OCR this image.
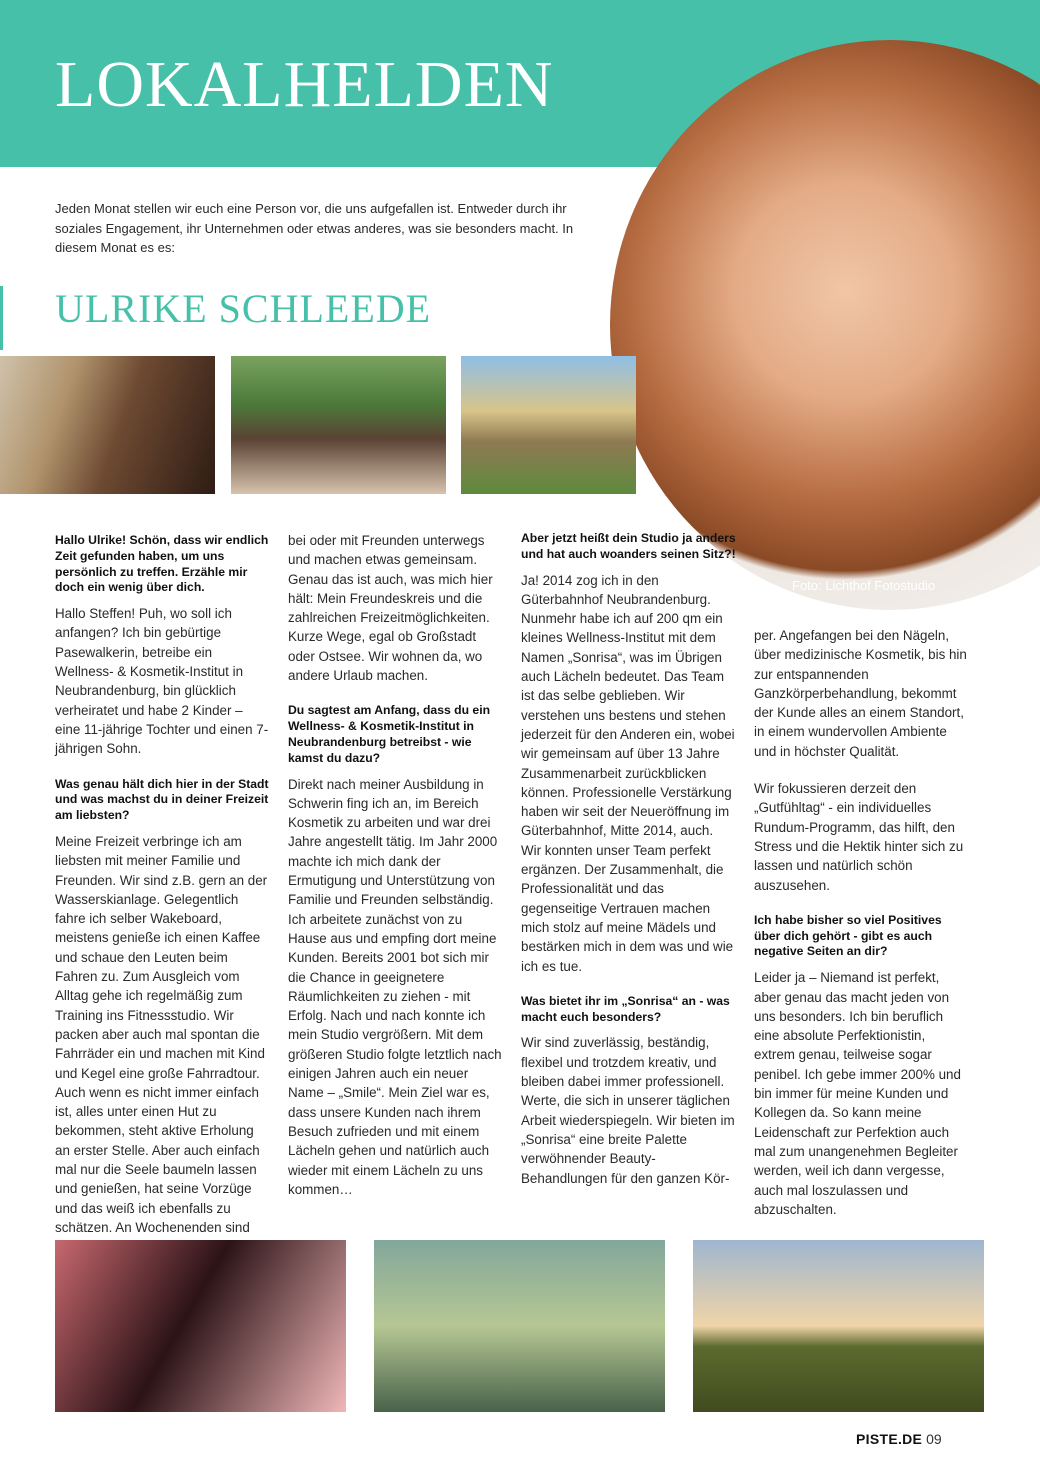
LOKALHELDEN
Foto: Lichthof Fotostudio

Jeden Monat stellen wir euch eine Person vor, die uns aufgefallen ist. Entweder durch ihr soziales Engagement, ihr Unternehmen oder etwas anderes, was sie besonders macht. In diesem Monat es es:

ULRIKE SCHLEEDE

Hallo Ulrike! Schön, dass wir endlich Zeit gefunden haben, um uns persönlich zu treffen. Erzähle mir doch ein wenig über dich.

Hallo Steffen! Puh, wo soll ich anfangen? Ich bin gebürtige Pasewalkerin, betreibe ein Wellness- & Kosmetik-Institut in Neubrandenburg, bin glücklich verheiratet und habe 2 Kinder – eine 11-jährige Tochter und einen 7-jährigen Sohn.

Was genau hält dich hier in der Stadt und was machst du in deiner Freizeit am liebsten?

Meine Freizeit verbringe ich am liebsten mit meiner Familie und Freunden. Wir sind z.B. gern an der Wasserskianlage. Gelegentlich fahre ich selber Wakeboard, meistens genieße ich einen Kaffee und schaue den Leuten beim Fahren zu. Zum Ausgleich vom Alltag gehe ich regelmäßig zum Training ins Fitnessstudio. Wir packen aber auch mal spontan die Fahrräder ein und machen mit Kind und Kegel eine große Fahrradtour. Auch wenn es nicht immer einfach ist, alles unter einen Hut zu bekommen, steht aktive Erholung an erster Stelle. Aber auch einfach mal nur die Seele baumeln lassen und genießen, hat seine Vorzüge und das weiß ich ebenfalls zu schätzen. An Wochenenden sind

bei oder mit Freunden unterwegs und machen etwas gemeinsam. Genau das ist auch, was mich hier hält: Mein Freundeskreis und die zahlreichen Freizeitmöglichkeiten. Kurze Wege, egal ob Großstadt oder Ostsee. Wir wohnen da, wo andere Urlaub machen.

Du sagtest am Anfang, dass du ein Wellness- & Kosmetik-Institut in Neubrandenburg betreibst - wie kamst du dazu?

Direkt nach meiner Ausbildung in Schwerin fing ich an, im Bereich Kosmetik zu arbeiten und war drei Jahre angestellt tätig. Im Jahr 2000 machte ich mich dank der Ermutigung und Unterstützung von Familie und Freunden selbständig. Ich arbeitete zunächst von zu Hause aus und empfing dort meine Kunden. Bereits 2001 bot sich mir die Chance in geeignetere Räumlichkeiten zu ziehen - mit Erfolg. Nach und nach konnte ich mein Studio vergrößern. Mit dem größeren Studio folgte letztlich nach einigen Jahren auch ein neuer Name – „Smile“. Mein Ziel war es, dass unsere Kunden nach ihrem Besuch zufrieden und mit einem Lächeln gehen und natürlich auch wieder mit einem Lächeln zu uns kommen…

Aber jetzt heißt dein Studio ja anders und hat auch woanders seinen Sitz?!

Ja! 2014 zog ich in den Güterbahnhof Neubrandenburg. Nunmehr habe ich auf 200 qm ein kleines Wellness-Institut mit dem Namen „Sonrisa“, was im Übrigen auch Lächeln bedeutet. Das Team ist das selbe geblieben. Wir verstehen uns bestens und stehen jederzeit für den Anderen ein, wobei wir gemeinsam auf über 13 Jahre Zusammenarbeit zurückblicken können. Professionelle Verstärkung haben wir seit der Neueröffnung im Güterbahnhof, Mitte 2014, auch. Wir konnten unser Team perfekt ergänzen. Der Zusammenhalt, die Professionalität und das gegenseitige Vertrauen machen mich stolz auf meine Mädels und bestärken mich in dem was und wie ich es tue.

Was bietet ihr im „Sonrisa“ an - was macht euch besonders?

Wir sind zuverlässig, beständig, flexibel und trotzdem kreativ, und bleiben dabei immer professionell. Werte, die sich in unserer täglichen Arbeit wiederspiegeln. Wir bieten im „Sonrisa“ eine breite Palette verwöhnender Beauty-Behandlungen für den ganzen Kör-

per. Angefangen bei den Nägeln, über medizinische Kosmetik, bis hin zur entspannenden Ganzkörperbehandlung, bekommt der Kunde alles an einem Standort, in einem wundervollen Ambiente und in höchster Qualität.

Wir fokussieren derzeit den „Gutfühltag“ - ein individuelles Rundum-Programm, das hilft, den Stress und die Hektik hinter sich zu lassen und natürlich schön auszusehen.

Ich habe bisher so viel Positives über dich gehört - gibt es auch negative Seiten an dir?

Leider ja – Niemand ist perfekt, aber genau das macht jeden von uns besonders. Ich bin beruflich eine absolute Perfektionistin, extrem genau, teilweise sogar penibel. Ich gebe immer 200% und bin immer für meine Kunden und Kollegen da. So kann meine Leidenschaft zur Perfektion auch mal zum unangenehmen Begleiter werden, weil ich dann vergesse, auch mal loszulassen und abzuschalten.

PISTE.DE 09
